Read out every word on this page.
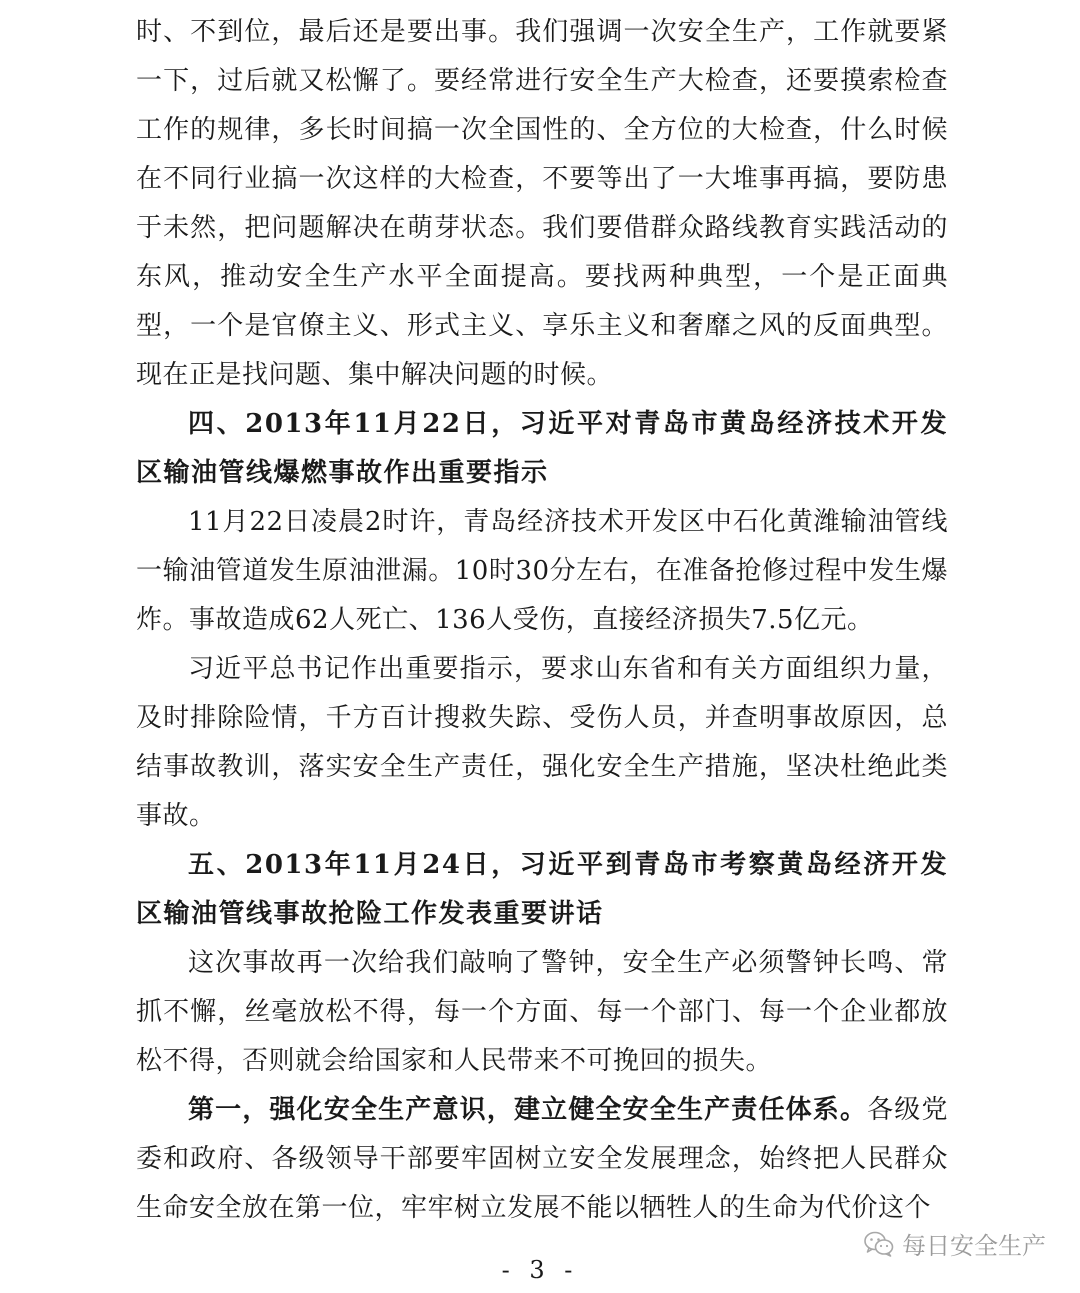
时、不到位，最后还是要出事。我们强调一次安全生产，工作就要紧一下，过后就又松懈了。要经常进行安全生产大检查，还要摸索检查工作的规律，多长时间搞一次全国性的、全方位的大检查，什么时候在不同行业搞一次这样的大检查，不要等出了一大堆事再搞，要防患于未然，把问题解决在萌芽状态。我们要借群众路线教育实践活动的东风，推动安全生产水平全面提高。要找两种典型，一个是正面典型，一个是官僚主义、形式主义、享乐主义和奢靡之风的反面典型。现在正是找问题、集中解决问题的时候。

四、2013年11月22日，习近平对青岛市黄岛经济技术开发区输油管线爆燃事故作出重要指示

11月22日凌晨2时许，青岛经济技术开发区中石化黄潍输油管线一输油管道发生原油泄漏。10时30分左右，在准备抢修过程中发生爆炸。事故造成62人死亡、136人受伤，直接经济损失7.5亿元。

习近平总书记作出重要指示，要求山东省和有关方面组织力量，及时排除险情，千方百计搜救失踪、受伤人员，并查明事故原因，总结事故教训，落实安全生产责任，强化安全生产措施，坚决杜绝此类事故。

五、2013年11月24日，习近平到青岛市考察黄岛经济开发区输油管线事故抢险工作发表重要讲话

这次事故再一次给我们敲响了警钟，安全生产必须警钟长鸣、常抓不懈，丝毫放松不得，每一个方面、每一个部门、每一个企业都放松不得，否则就会给国家和人民带来不可挽回的损失。

第一，强化安全生产意识，建立健全安全生产责任体系。各级党委和政府、各级领导干部要牢固树立安全发展理念，始终把人民群众生命安全放在第一位，牢牢树立发展不能以牺牲人的生命为代价这个

每日安全生产
- 3 -
